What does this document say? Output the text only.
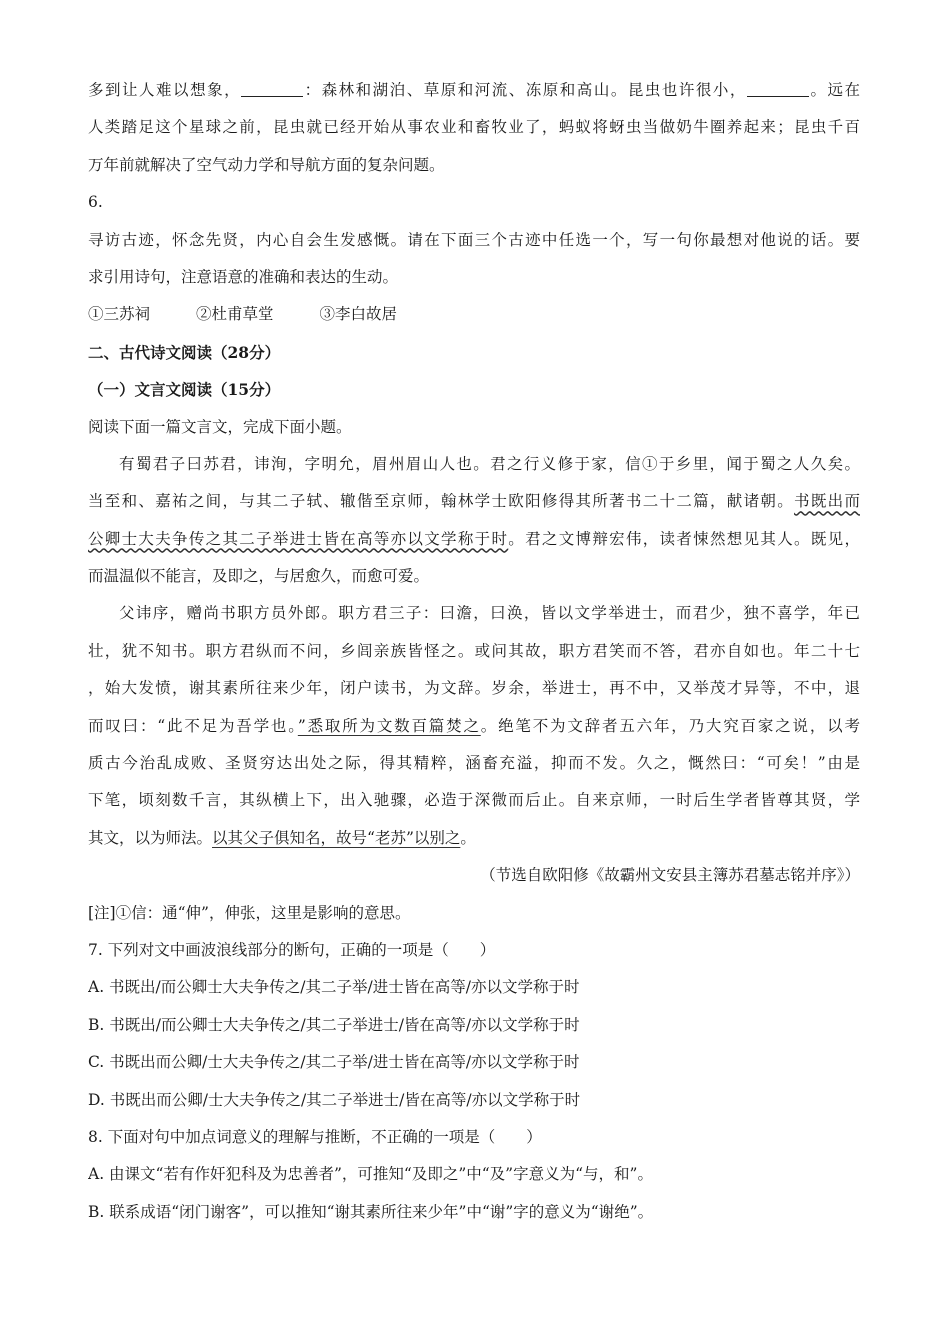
多到让人难以想象，	：森林和湖泊、草原和河流、冻原和高山。昆虫也许很小，	。远在
人类踏足这个星球之前，昆虫就已经开始从事农业和畜牧业了，蚂蚁将蚜虫当做奶牛圈养起来；昆虫千百
万年前就解决了空气动力学和导航方面的复杂问题。
6.
寻访古迹，怀念先贤，内心自会生发感慨。请在下面三个古迹中任选一个，写一句你最想对他说的话。要
求引用诗句，注意语意的准确和表达的生动。
①三苏祠	②杜甫草堂	③李白故居
二、古代诗文阅读（28分）
（一）文言文阅读（15分）
阅读下面一篇文言文，完成下面小题。
有蜀君子曰苏君，讳洵，字明允，眉州眉山人也。君之行义修于家，信①于乡里，闻于蜀之人久矣。
当至和、嘉祐之间，与其二子轼、辙偕至京师，翰林学士欧阳修得其所著书二十二篇，献诸朝。书既出而
公卿士大夫争传之其二子举进士皆在高等亦以文学称于时。君之文博辩宏伟，读者悚然想见其人。既见，
而温温似不能言，及即之，与居愈久，而愈可爱。
父讳序，赠尚书职方员外郎。职方君三子：曰澹，曰涣，皆以文学举进士，而君少，独不喜学，年已
壮，犹不知书。职方君纵而不问，乡闾亲族皆怪之。或问其故，职方君笑而不答，君亦自如也。年二十七
，始大发愤，谢其素所往来少年，闭户读书，为文辞。岁余，举进士，再不中，又举茂才异等，不中，退
而叹曰：“此不足为吾学也。”悉取所为文数百篇焚之。绝笔不为文辞者五六年，乃大究百家之说，以考
质古今治乱成败、圣贤穷达出处之际，得其精粹，涵畜充溢，抑而不发。久之，慨然曰：“可矣！”由是
下笔，顷刻数千言，其纵横上下，出入驰骤，必造于深微而后止。自来京师，一时后生学者皆尊其贤，学
其文，以为师法。以其父子俱知名，故号“老苏”以别之。
（节选自欧阳修《故霸州文安县主簿苏君墓志铭并序》）
[注]①信：通“伸”，伸张，这里是影响的意思。
7. 下列对文中画波浪线部分的断句，正确的一项是（　　）
A. 书既出/而公卿士大夫争传之/其二子举/进士皆在高等/亦以文学称于时
B. 书既出/而公卿士大夫争传之/其二子举进士/皆在高等/亦以文学称于时
C. 书既出而公卿/士大夫争传之/其二子举/进士皆在高等/亦以文学称于时
D. 书既出而公卿/士大夫争传之/其二子举进士/皆在高等/亦以文学称于时
8. 下面对句中加点词意义的理解与推断，不正确的一项是（　　）
A. 由课文“若有作奸犯科及为忠善者”，可推知“及即之”中“及”字意义为“与，和”。
B. 联系成语“闭门谢客”，可以推知“谢其素所往来少年”中“谢”字的意义为“谢绝”。
